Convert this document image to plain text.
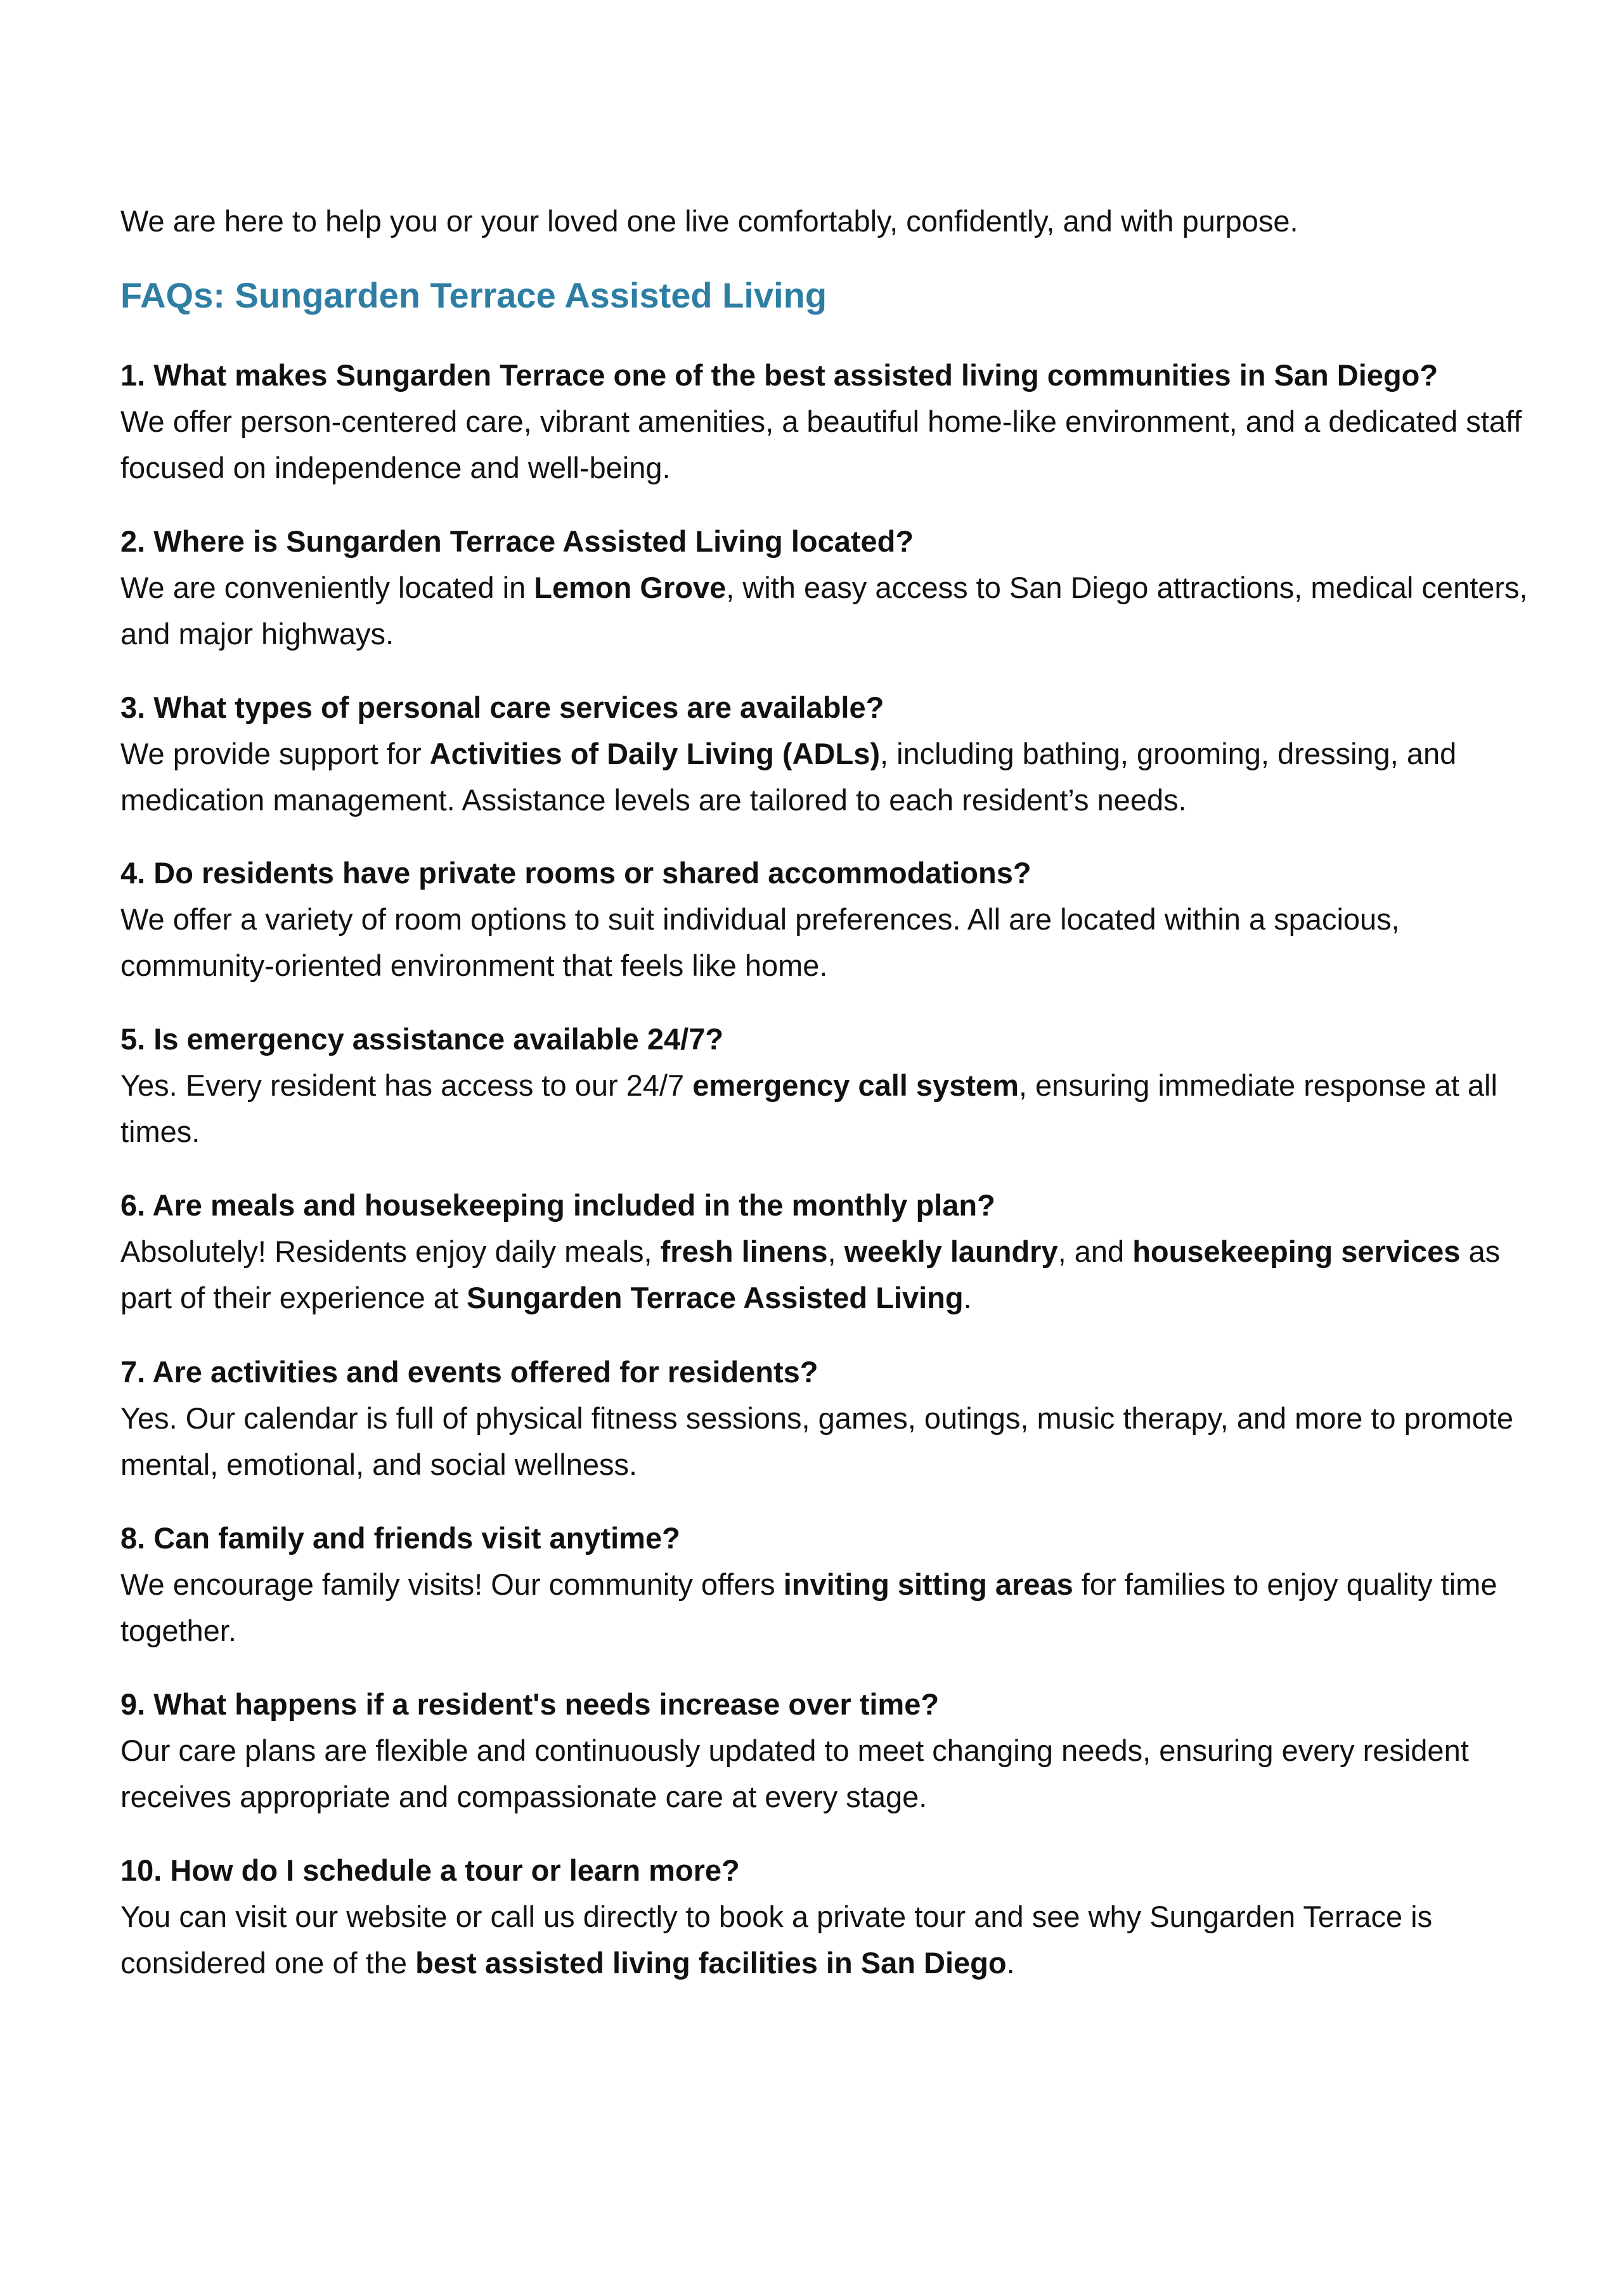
We are here to help you or your loved one live comfortably, confidently, and with purpose.

FAQs: Sungarden Terrace Assisted Living

1. What makes Sungarden Terrace one of the best assisted living communities in San Diego?

We offer person-centered care, vibrant amenities, a beautiful home-like environment, and a dedicated staff focused on independence and well-being.

2. Where is Sungarden Terrace Assisted Living located?

We are conveniently located in Lemon Grove, with easy access to San Diego attractions, medical centers, and major highways.

3. What types of personal care services are available?

We provide support for Activities of Daily Living (ADLs), including bathing, grooming, dressing, and medication management. Assistance levels are tailored to each resident’s needs.

4. Do residents have private rooms or shared accommodations?

We offer a variety of room options to suit individual preferences. All are located within a spacious, community-oriented environment that feels like home.

5. Is emergency assistance available 24/7?

Yes. Every resident has access to our 24/7 emergency call system, ensuring immediate response at all times.

6. Are meals and housekeeping included in the monthly plan?

Absolutely! Residents enjoy daily meals, fresh linens, weekly laundry, and housekeeping services as part of their experience at Sungarden Terrace Assisted Living.

7. Are activities and events offered for residents?

Yes. Our calendar is full of physical fitness sessions, games, outings, music therapy, and more to promote mental, emotional, and social wellness.

8. Can family and friends visit anytime?

We encourage family visits! Our community offers inviting sitting areas for families to enjoy quality time together.

9. What happens if a resident's needs increase over time?

Our care plans are flexible and continuously updated to meet changing needs, ensuring every resident receives appropriate and compassionate care at every stage.

10. How do I schedule a tour or learn more?

You can visit our website or call us directly to book a private tour and see why Sungarden Terrace is considered one of the best assisted living facilities in San Diego.
